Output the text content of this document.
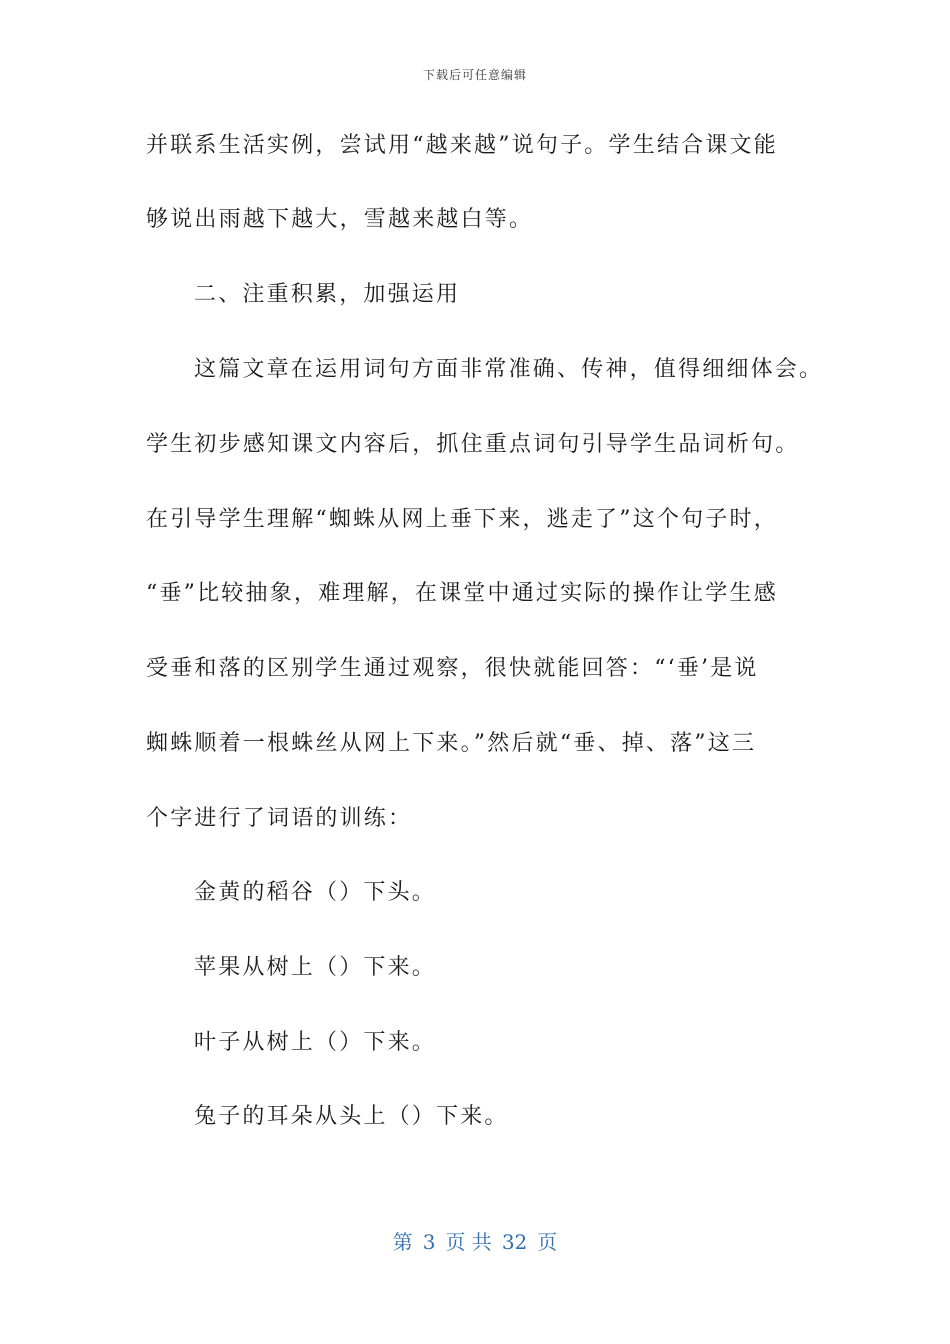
下载后可任意编辑
并联系生活实例，尝试用“越来越”说句子。学生结合课文能
够说出雨越下越大，雪越来越白等。
二、注重积累，加强运用
这篇文章在运用词句方面非常准确、传神，值得细细体会。
学生初步感知课文内容后，抓住重点词句引导学生品词析句。
在引导学生理解“蜘蛛从网上垂下来，逃走了”这个句子时，
“垂”比较抽象，难理解，在课堂中通过实际的操作让学生感
受垂和落的区别学生通过观察，很快就能回答：“‘垂’是说
蜘蛛顺着一根蛛丝从网上下来。”然后就“垂、掉、落”这三
个字进行了词语的训练：
金黄的稻谷（）下头。
苹果从树上（）下来。
叶子从树上（）下来。
兔子的耳朵从头上（）下来。
第 3 页 共 32 页
